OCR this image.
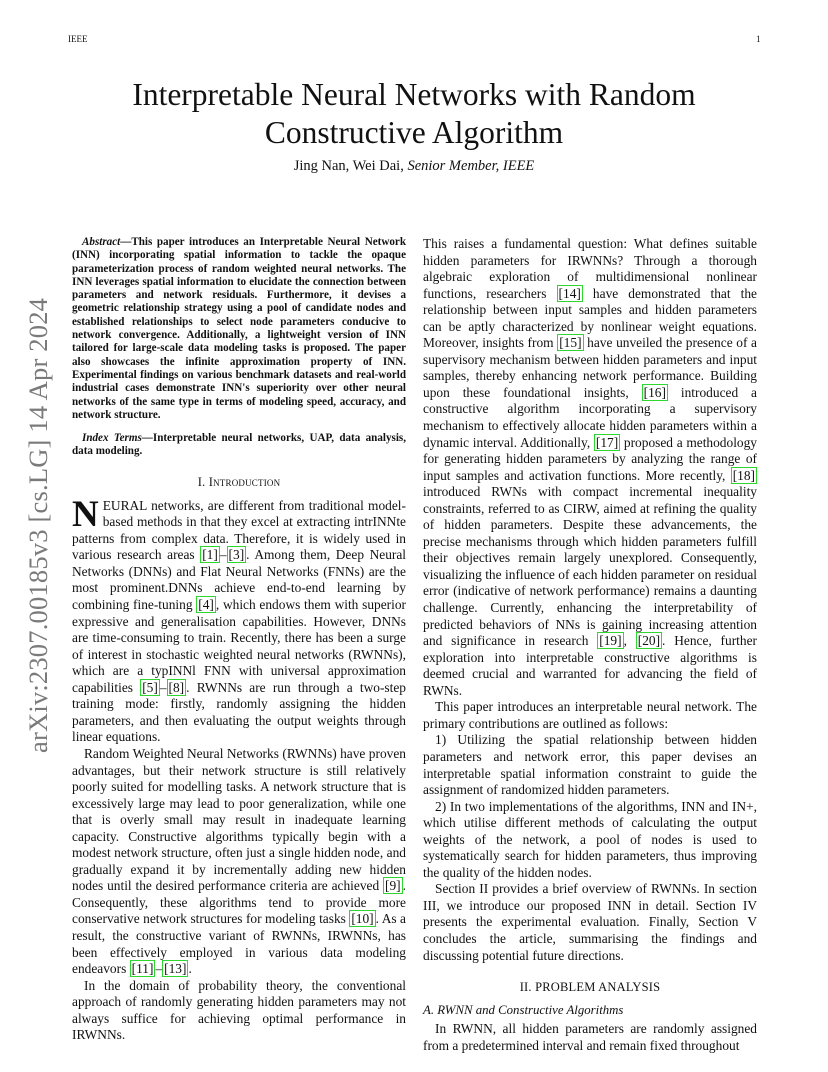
IEEE	1
arXiv:2307.00185v3 [cs.LG] 14 Apr 2024
Interpretable Neural Networks with Random Constructive Algorithm
Jing Nan, Wei Dai, Senior Member, IEEE

Abstract—This paper introduces an Interpretable Neural Network (INN) incorporating spatial information to tackle the opaque parameterization process of random weighted neural networks. The INN leverages spatial information to elucidate the connection between parameters and network residuals. Furthermore, it devises a geometric relationship strategy using a pool of candidate nodes and established relationships to select node parameters conducive to network convergence. Additionally, a lightweight version of INN tailored for large-scale data modeling tasks is proposed. The paper also showcases the infinite approximation property of INN. Experimental findings on various benchmark datasets and real-world industrial cases demonstrate INN's superiority over other neural networks of the same type in terms of modeling speed, accuracy, and network structure.

Index Terms—Interpretable neural networks, UAP, data analysis, data modeling.

I. Introduction

NEURAL networks, are different from traditional model-based methods in that they excel at extracting intrINNte patterns from complex data. Therefore, it is widely used in various research areas [1] – [3] . Among them, Deep Neural Networks (DNNs) and Flat Neural Networks (FNNs) are the most prominent.DNNs achieve end-to-end learning by combining fine-tuning [4] , which endows them with superior expressive and generalisation capabilities. However, DNNs are time-consuming to train. Recently, there has been a surge of interest in stochastic weighted neural networks (RWNNs), which are a typINNl FNN with universal approximation capabilities [5] – [8] . RWNNs are run through a two-step training mode: firstly, randomly assigning the hidden parameters, and then evaluating the output weights through linear equations.

Random Weighted Neural Networks (RWNNs) have proven advantages, but their network structure is still relatively poorly suited for modelling tasks. A network structure that is excessively large may lead to poor generalization, while one that is overly small may result in inadequate learning capacity. Constructive algorithms typically begin with a modest network structure, often just a single hidden node, and gradually expand it by incrementally adding new hidden nodes until the desired performance criteria are achieved [9] . Consequently, these algorithms tend to provide more conservative network structures for modeling tasks [10] . As a result, the constructive variant of RWNNs, IRWNNs, has been effectively employed in various data modeling endeavors [11] – [13] .

In the domain of probability theory, the conventional approach of randomly generating hidden parameters may not always suffice for achieving optimal performance in IRWNNs.

This raises a fundamental question: What defines suitable hidden parameters for IRWNNs? Through a thorough algebraic exploration of multidimensional nonlinear functions, researchers [14] have demonstrated that the relationship between input samples and hidden parameters can be aptly characterized by nonlinear weight equations. Moreover, insights from [15] have unveiled the presence of a supervisory mechanism between hidden parameters and input samples, thereby enhancing network performance. Building upon these foundational insights, [16] introduced a constructive algorithm incorporating a supervisory mechanism to effectively allocate hidden parameters within a dynamic interval. Additionally, [17] proposed a methodology for generating hidden parameters by analyzing the range of input samples and activation functions. More recently, [18] introduced RWNs with compact incremental inequality constraints, referred to as CIRW, aimed at refining the quality of hidden parameters. Despite these advancements, the precise mechanisms through which hidden parameters fulfill their objectives remain largely unexplored. Consequently, visualizing the influence of each hidden parameter on residual error (indicative of network performance) remains a daunting challenge. Currently, enhancing the interpretability of predicted behaviors of NNs is gaining increasing attention and significance in research [19] , [20] . Hence, further exploration into interpretable constructive algorithms is deemed crucial and warranted for advancing the field of RWNs.

This paper introduces an interpretable neural network. The primary contributions are outlined as follows:

1) Utilizing the spatial relationship between hidden parameters and network error, this paper devises an interpretable spatial information constraint to guide the assignment of randomized hidden parameters.

2) In two implementations of the algorithms, INN and IN+, which utilise different methods of calculating the output weights of the network, a pool of nodes is used to systematically search for hidden parameters, thus improving the quality of the hidden nodes.

Section II provides a brief overview of RWNNs. In section III, we introduce our proposed INN in detail. Section IV presents the experimental evaluation. Finally, Section V concludes the article, summarising the findings and discussing potential future directions.

II. PROBLEM ANALYSIS
A. RWNN and Constructive Algorithms

In RWNN, all hidden parameters are randomly assigned from a predetermined interval and remain fixed throughout
